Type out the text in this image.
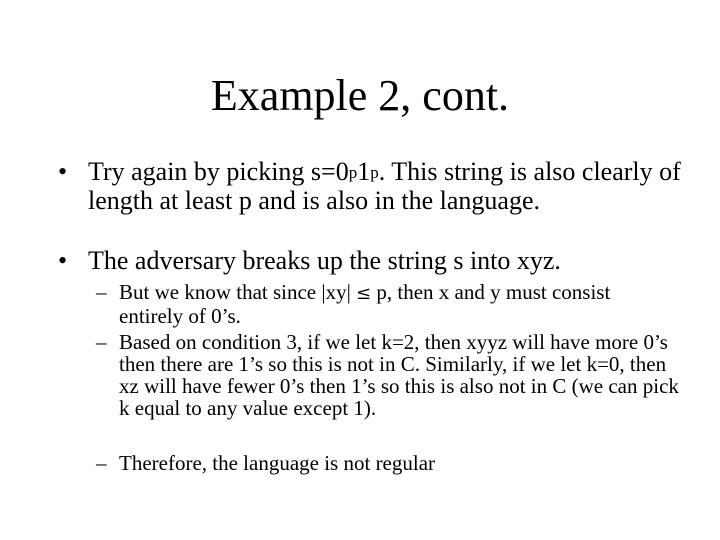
Example 2, cont.
• Try again by picking $s=0^p1^p$. This string is also clearly of length at least p and is also in the language.
• The adversary breaks up the string s into xyz.
– But we know that since |xy| ≤ p, then x and y must consist entirely of 0’s.
– Based on condition 3, if we let k=2, then xyyz will have more 0’s then there are 1’s so this is not in C. Similarly, if we let k=0, then xz will have fewer 0’s then 1’s so this is also not in C (we can pick k equal to any value except 1).
– Therefore, the language is not regular
